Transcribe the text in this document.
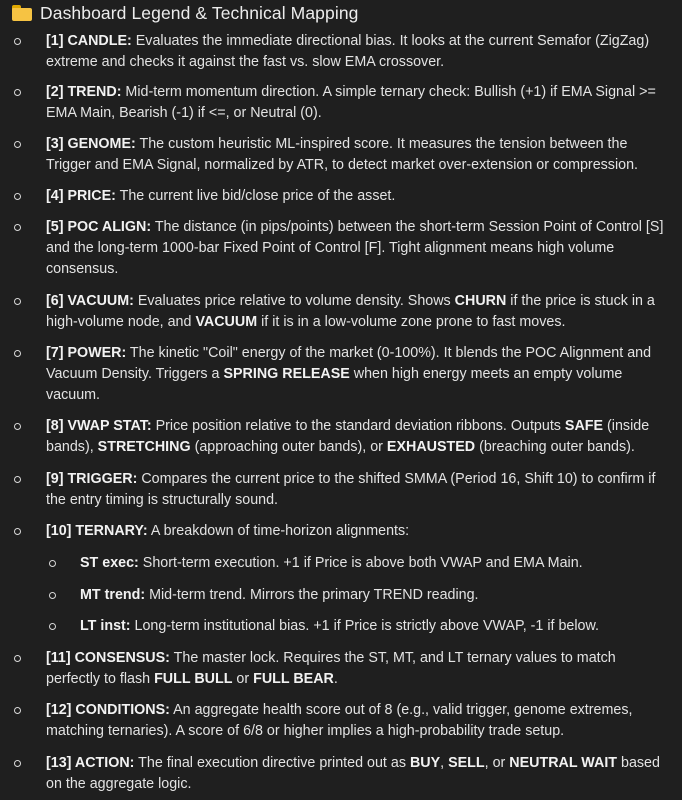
Dashboard Legend & Technical Mapping
[1] CANDLE: Evaluates the immediate directional bias. It looks at the current Semafor (ZigZag) extreme and checks it against the fast vs. slow EMA crossover.
[2] TREND: Mid-term momentum direction. A simple ternary check: Bullish (+1) if EMA Signal >= EMA Main, Bearish (-1) if <=, or Neutral (0).
[3] GENOME: The custom heuristic ML-inspired score. It measures the tension between the Trigger and EMA Signal, normalized by ATR, to detect market over-extension or compression.
[4] PRICE: The current live bid/close price of the asset.
[5] POC ALIGN: The distance (in pips/points) between the short-term Session Point of Control [S] and the long-term 1000-bar Fixed Point of Control [F]. Tight alignment means high volume consensus.
[6] VACUUM: Evaluates price relative to volume density. Shows CHURN if the price is stuck in a high-volume node, and VACUUM if it is in a low-volume zone prone to fast moves.
[7] POWER: The kinetic "Coil" energy of the market (0-100%). It blends the POC Alignment and Vacuum Density. Triggers a SPRING RELEASE when high energy meets an empty volume vacuum.
[8] VWAP STAT: Price position relative to the standard deviation ribbons. Outputs SAFE (inside bands), STRETCHING (approaching outer bands), or EXHAUSTED (breaching outer bands).
[9] TRIGGER: Compares the current price to the shifted SMMA (Period 16, Shift 10) to confirm if the entry timing is structurally sound.
[10] TERNARY: A breakdown of time-horizon alignments:
ST exec: Short-term execution. +1 if Price is above both VWAP and EMA Main.
MT trend: Mid-term trend. Mirrors the primary TREND reading.
LT inst: Long-term institutional bias. +1 if Price is strictly above VWAP, -1 if below.
[11] CONSENSUS: The master lock. Requires the ST, MT, and LT ternary values to match perfectly to flash FULL BULL or FULL BEAR.
[12] CONDITIONS: An aggregate health score out of 8 (e.g., valid trigger, genome extremes, matching ternaries). A score of 6/8 or higher implies a high-probability trade setup.
[13] ACTION: The final execution directive printed out as BUY, SELL, or NEUTRAL WAIT based on the aggregate logic.
